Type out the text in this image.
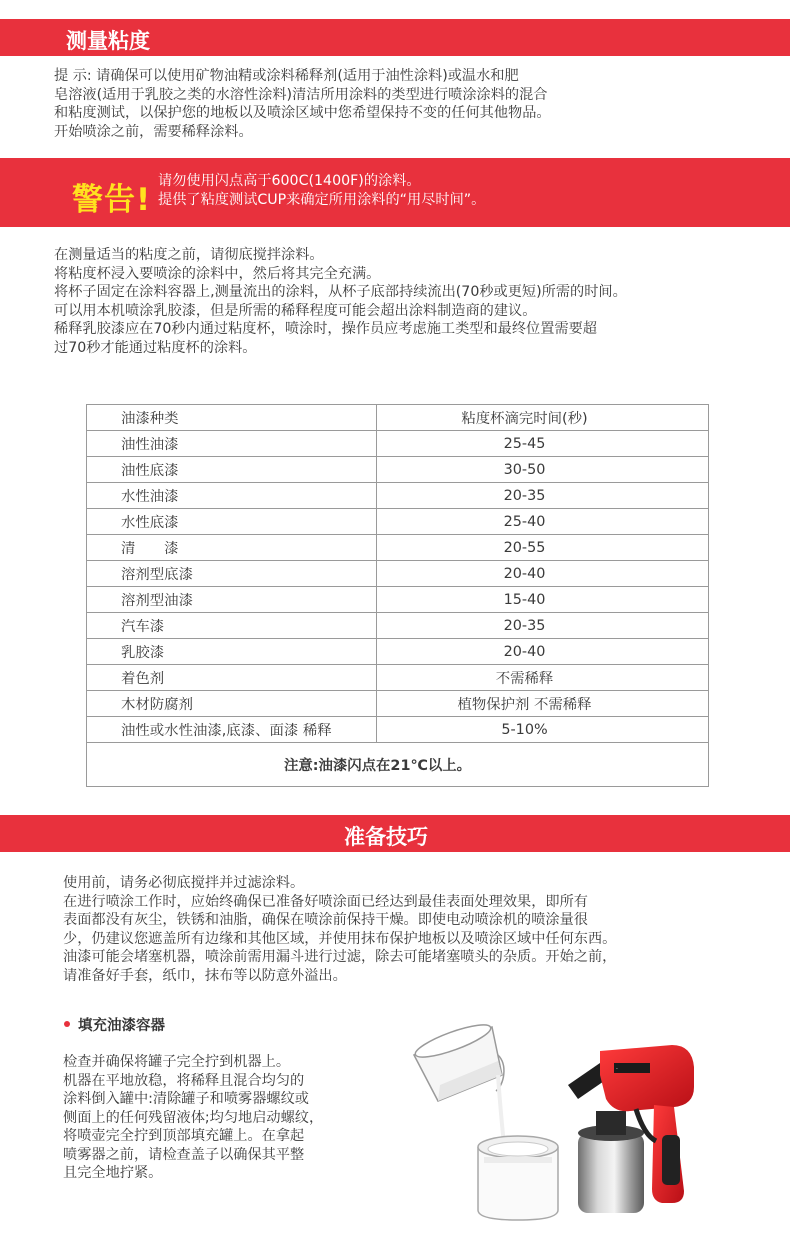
测量粘度
提 示: 请确保可以使用矿物油精或涂料稀释剂(适用于油性涂料)或温水和肥
皂溶液(适用于乳胶之类的水溶性涂料)清洁所用涂料的类型进行喷涂涂料的混合
和粘度测试，以保护您的地板以及喷涂区域中您希望保持不变的任何其他物品。
开始喷涂之前，需要稀释涂料。
警告!
请勿使用闪点高于600C(1400F)的涂料。
提供了粘度测试CUP来确定所用涂料的“用尽时间”。
在测量适当的粘度之前，请彻底搅拌涂料。
将粘度杯浸入要喷涂的涂料中，然后将其完全充满。
将杯子固定在涂料容器上,测量流出的涂料，从杯子底部持续流出(70秒或更短)所需的时间。
可以用本机喷涂乳胶漆，但是所需的稀释程度可能会超出涂料制造商的建议。
稀释乳胶漆应在70秒内通过粘度杯，喷涂时，操作员应考虑施工类型和最终位置需要超
过70秒才能通过粘度杯的涂料。
油漆种类	粘度杯滴完时间(秒)
油性油漆	25-45
油性底漆	30-50
水性油漆	20-35
水性底漆	25-40
清　　漆	20-55
溶剂型底漆	20-40
溶剂型油漆	15-40
汽车漆	20-35
乳胶漆	20-40
着色剂	不需稀释
木材防腐剂	植物保护剂 不需稀释
油性或水性油漆,底漆、面漆 稀释	5-10%
注意:油漆闪点在21℃以上。	
准备技巧
使用前，请务必彻底搅拌并过滤涂料。
在进行喷涂工作时，应始终确保已准备好喷涂面已经达到最佳表面处理效果，即所有
表面都没有灰尘，铁锈和油脂，确保在喷涂前保持干燥。即使电动喷涂机的喷涂量很
少，仍建议您遮盖所有边缘和其他区域，并使用抹布保护地板以及喷涂区域中任何东西。
油漆可能会堵塞机器，喷涂前需用漏斗进行过滤，除去可能堵塞喷头的杂质。开始之前，
请准备好手套，纸巾，抹布等以防意外溢出。
填充油漆容器
检查并确保将罐子完全拧到机器上。
机器在平地放稳，将稀释且混合均匀的
涂料倒入罐中:清除罐子和喷雾器螺纹或
侧面上的任何残留液体;均匀地启动螺纹，
将喷壶完全拧到顶部填充罐上。在拿起
喷雾器之前，请检查盖子以确保其平整
且完全地拧紧。
·
